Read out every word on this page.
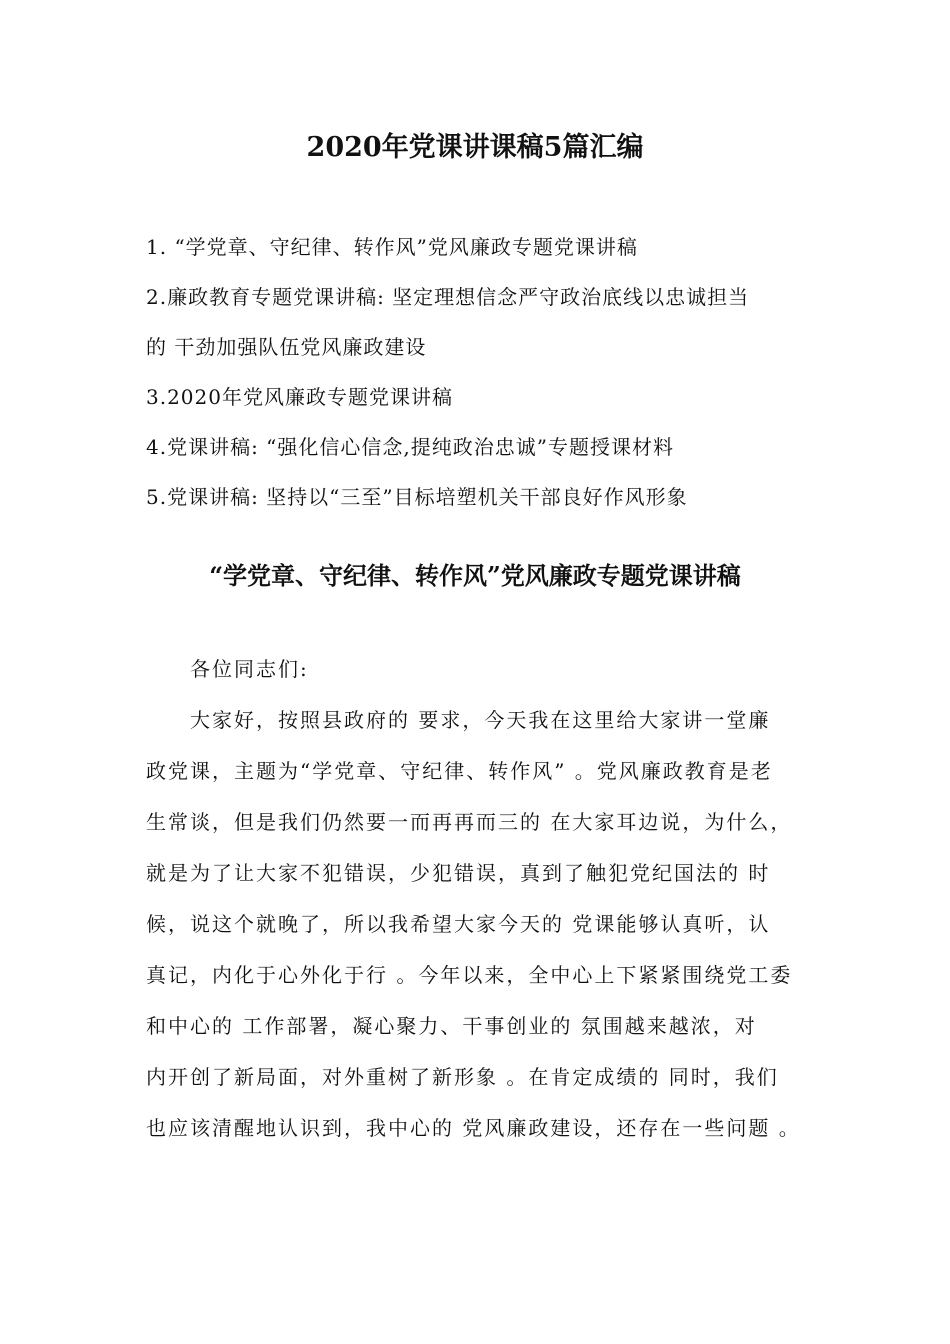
2020年党课讲课稿5篇汇编
1. “学党章、守纪律、转作风”党风廉政专题党课讲稿
2.廉政教育专题党课讲稿: 坚定理想信念严守政治底线以忠诚担当
的 干劲加强队伍党风廉政建设
3.2020年党风廉政专题党课讲稿
4.党课讲稿: “强化信心信念,提纯政治忠诚”专题授课材料
5.党课讲稿: 坚持以“三至”目标培塑机关干部良好作风形象
“学党章、守纪律、转作风”党风廉政专题党课讲稿
各位同志们:
大家好，按照县政府的 要求，今天我在这里给大家讲一堂廉
政党课，主题为“学党章、守纪律、转作风” 。党风廉政教育是老
生常谈，但是我们仍然要一而再再而三的 在大家耳边说，为什么，
就是为了让大家不犯错误，少犯错误，真到了触犯党纪国法的 时
候，说这个就晚了，所以我希望大家今天的 党课能够认真听，认
真记，内化于心外化于行 。今年以来，全中心上下紧紧围绕党工委
和中心的 工作部署，凝心聚力、干事创业的 氛围越来越浓，对
内开创了新局面，对外重树了新形象 。在肯定成绩的 同时，我们
也应该清醒地认识到，我中心的 党风廉政建设，还存在一些问题 。
